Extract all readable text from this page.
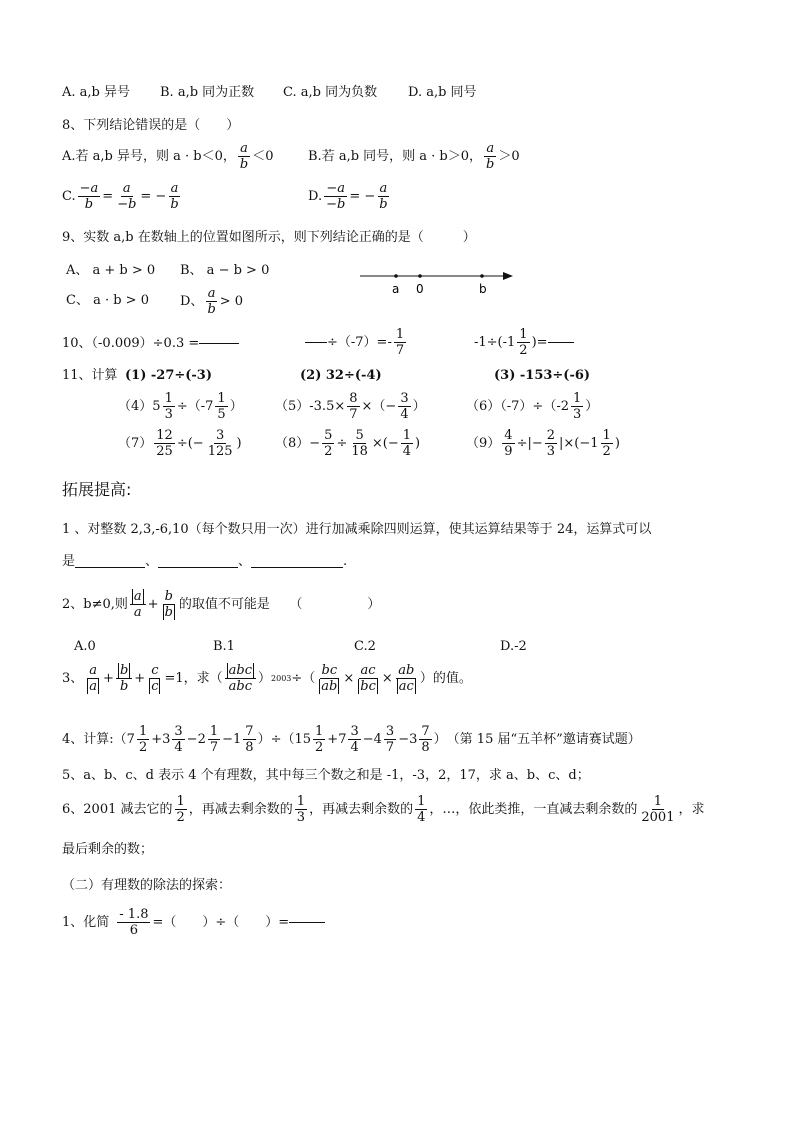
A. a,b 异号 B. a,b 同为正数 C. a,b 同为负数 D. a,b 同号
8、下列结论错误的是（　　）
A.若 a,b 异号，则 a · b＜0，
a
b
＜0	B.若 a,b 同号，则 a · b＞0，
a
b
＞0
C.
−a
b
=
a
−b
= −
a
b
D.
−a
−b
= −
a
b
9、实数 a,b 在数轴上的位置如图所示，则下列结论正确的是（　　　）
A、 a + b > 0 B、 a − b > 0
C、 a · b > 0 D、
a
b
> 0
a 0	b
10、（-0.009）÷0.3 =	÷（-7）=-
1
7
-1÷(-1
1
2
)=
11、计算 (1) -27÷(-3)	(2) 32÷(-4)	(3) -153÷(-6)
（4） 5
1
3
÷（-7
1
5
） $(5)-3.5\times \frac{8}{7}$ ×（−
3
4
）	（6）（-7）÷（-2
1
3
）
（7）
12
25
÷(−
3
125
)	$(8)- \frac{5}{2}$ ÷
5
18
×(−
1
4
)	（9）
4
9
÷|−
2
3
|×(−1
1
2
)
拓展提高:
1 、对整数 2,3,-6,10（每个数只用一次）进行加减乘除四则运算，使其运算结果等于 24，运算式可以
是	、	、	.
2、b≠0,则
a
a
+
b
b
的取值不可能是　　（　　　　　）
A.0	B.1	C.2	D.-2
3、
a
a
+
b
b
+ $\frac{c}{c} =1$，求（
abc
abc
） 2003 ÷（
bc
ab
×
ac
bc
×
ab
ac
）的值。
4、计算:（7
1
2
+3
3
4
−2
1
7
−1
7
8
）÷（15
1
2
+7
3
4
−4
3
7
−3
7
8
） （第 15 届“五羊杯”邀请赛试题）
5、a、b、c、d 表示 4 个有理数，其中每三个数之和是 -1，-3，2，17，求 a、b、c、d；
6、2001 减去它的
1
2
，再减去剩余数的
1
3
，再减去剩余数的
1
4
，…，依此类推，一直减去剩余数的
1
2001
，求
最后剩余的数；
（二）有理数的除法的探索：
1、化简 $\frac{- 1.8}{6}$ =（　　）÷（　　）=
